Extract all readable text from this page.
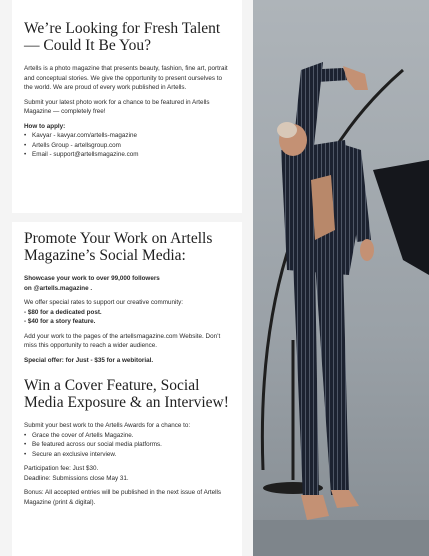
We’re Looking for Fresh Talent — Could It Be You?

Artells is a photo magazine that presents beauty, fashion, fine art, portrait and conceptual stories. We give the opportunity to present ourselves to the world. We are proud of every work published in Artells.

Submit your latest photo work for a chance to be featured in Artells Magazine — completely free!

How to apply:

• Kavyar - kavyar.com/artells-magazine
• Artells Group - artellsgroup.com
• Email - support@artellsmagazine.com
Promote Your Work on Artells Magazine’s Social Media:

Showcase your work to over 99,000 followers
on @artells.magazine .

We offer special rates to support our creative community:
- $80 for a dedicated post.
- $40 for a story feature.

Add your work to the pages of the artellsmagazine.com Website. Don’t miss this opportunity to reach a wider audience.

Special offer: for Just - $35 for a webitorial.

Win a Cover Feature, Social Media Exposure & an Interview!

Submit your best work to the Artells Awards for a chance to:

• Grace the cover of Artells Magazine.
• Be featured across our social media platforms.
• Secure an exclusive interview.

Participation fee: Just $30.
Deadline: Submissions close May 31.

Bonus: All accepted entries will be published in the next issue of Artells Magazine (print & digital).
